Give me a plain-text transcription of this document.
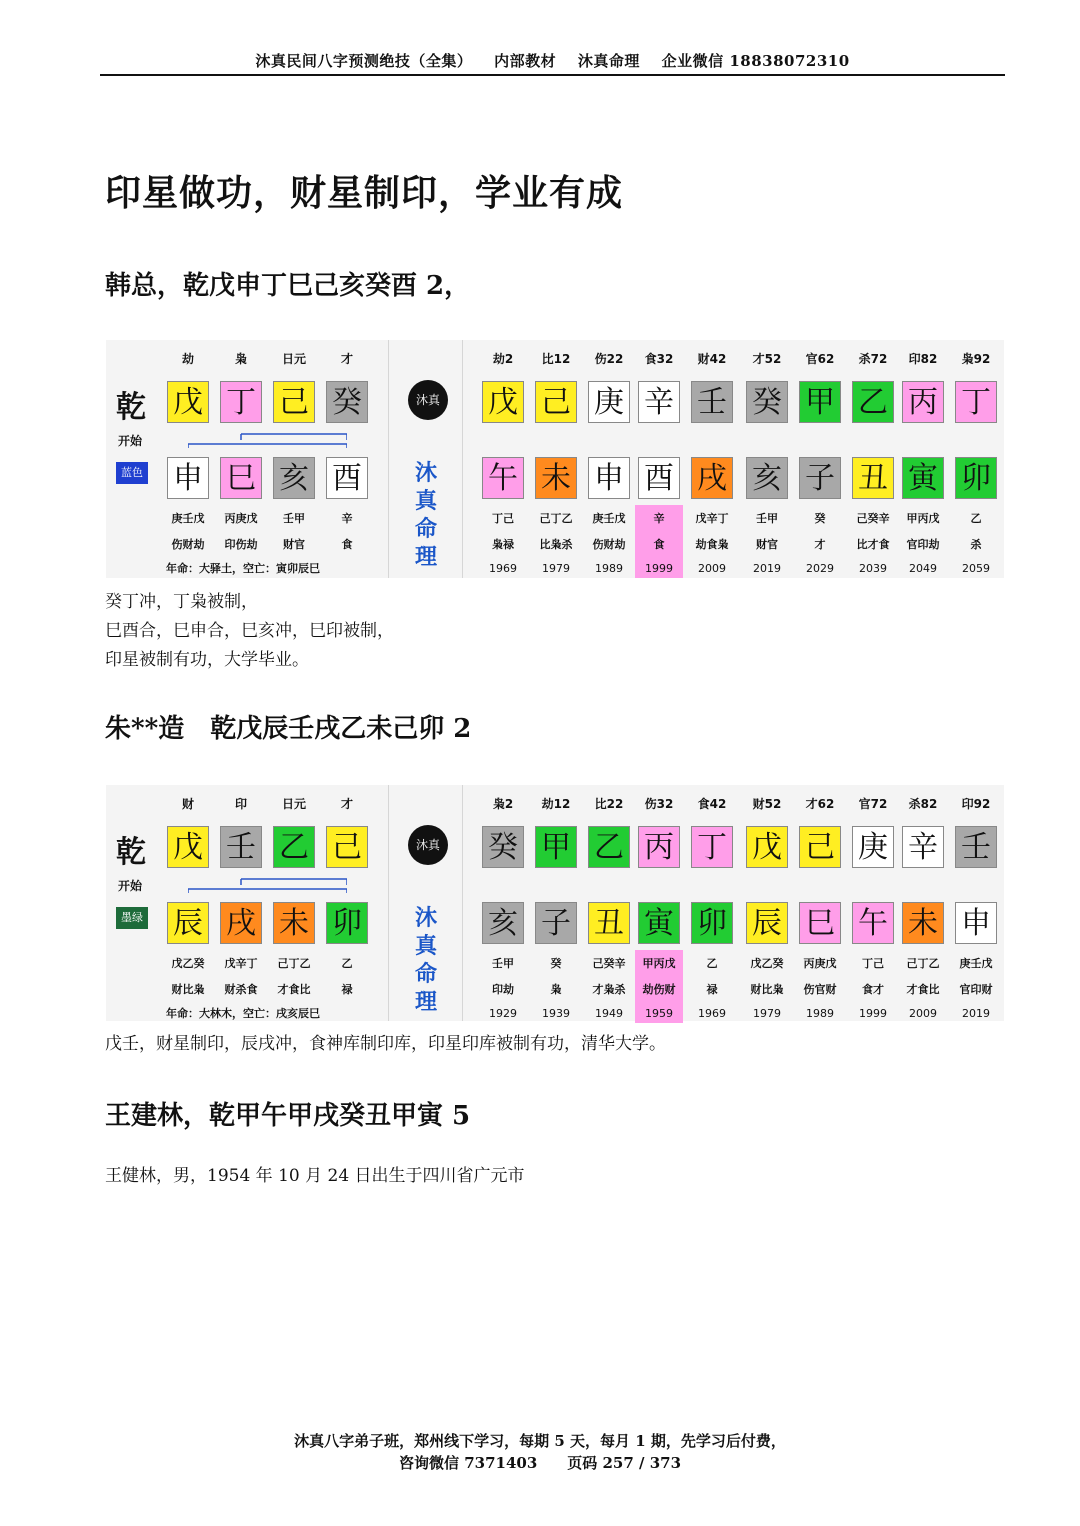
沐真民间八字预测绝技（全集） 内部教材 沐真命理 企业微信 18838072310
印星做功，财星制印，学业有成
韩总，乾戊申丁巳己亥癸酉 2，
乾
开始
蓝色
劫	枭	日元	才
戊 丁 己 癸
申 巳 亥 酉
庚壬戊	丙庚戊	壬甲	辛
伤财劫	印伤劫	财官	食
年命：大驿土，空亡：寅卯辰巳
沐真
沐
真
命
理
劫2	比12	伤22	食32	财42	才52	官62	杀72	印82	枭92
戊 己 庚 辛 壬 癸 甲 乙 丙 丁
午 未 申 酉 戌 亥 子 丑 寅 卯
丁己	己丁乙	庚壬戊	辛	戊辛丁	壬甲	癸	己癸辛	甲丙戊	乙
枭禄	比枭杀	伤财劫	食	劫食枭	财官	才	比才食	官印劫	杀
1969	1979	1989	1999	2009	2019	2029	2039	2049	2059
癸丁冲，丁枭被制，
巳酉合，巳申合，巳亥冲，巳印被制，
印星被制有功，大学毕业。
朱**造　乾戊辰壬戌乙未己卯 2
乾
开始
墨绿
财	印	日元	才
戊 壬 乙 己
辰 戌 未 卯
戊乙癸	戊辛丁	己丁乙	乙
财比枭	财杀食	才食比	禄
年命：大林木，空亡：戌亥辰巳
沐真
沐
真
命
理
枭2	劫12	比22	伤32	食42	财52	才62	官72	杀82	印92
癸 甲 乙 丙 丁 戊 己 庚 辛 壬
亥 子 丑 寅 卯 辰 巳 午 未 申
壬甲	癸	己癸辛	甲丙戊	乙	戊乙癸	丙庚戊	丁己	己丁乙	庚壬戊
印劫	枭	才枭杀	劫伤财	禄	财比枭	伤官财	食才	才食比	官印财
1929	1939	1949	1959	1969	1979	1989	1999	2009	2019
戊壬，财星制印，辰戌冲，食神库制印库，印星印库被制有功，清华大学。
王建林，乾甲午甲戌癸丑甲寅 5
王健林，男，1954 年 10 月 24 日出生于四川省广元市
沐真八字弟子班，郑州线下学习，每期 5 天，每月 1 期，先学习后付费，
咨询微信 7371403　　页码 257 / 373
